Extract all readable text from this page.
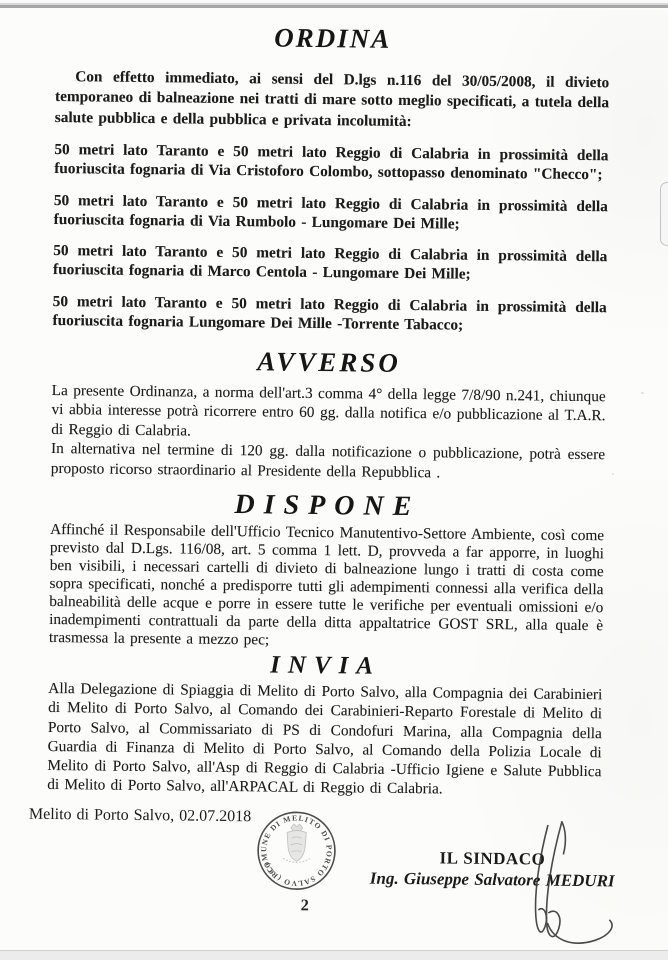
ORDINA

Con effetto immediato, ai sensi del D.lgs n.116 del 30/05/2008, il divieto temporaneo di balneazione nei tratti di mare sotto meglio specificati, a tutela della salute pubblica e della pubblica e privata incolumità:

50 metri lato Taranto e 50 metri lato Reggio di Calabria in prossimità della fuoriuscita fognaria di Via Cristoforo Colombo, sottopasso denominato "Checco";

50 metri lato Taranto e 50 metri lato Reggio di Calabria in prossimità della fuoriuscita fognaria di Via Rumbolo - Lungomare Dei Mille;

50 metri lato Taranto e 50 metri lato Reggio di Calabria in prossimità della fuoriuscita fognaria di Marco Centola - Lungomare Dei Mille;

50 metri lato Taranto e 50 metri lato Reggio di Calabria in prossimità della fuoriuscita fognaria Lungomare Dei Mille -Torrente Tabacco;

AVVERSO

La presente Ordinanza, a norma dell'art.3 comma 4° della legge 7/8/90 n.241, chiunque vi abbia interesse potrà ricorrere entro 60 gg. dalla notifica e/o pubblicazione al T.A.R. di Reggio di Calabria.

In alternativa nel termine di 120 gg. dalla notificazione o pubblicazione, potrà essere proposto ricorso straordinario al Presidente della Repubblica .

DISPONE

Affinché il Responsabile dell'Ufficio Tecnico Manutentivo-Settore Ambiente, così come previsto dal D.Lgs. 116/08, art. 5 comma 1 lett. D, provveda a far apporre, in luoghi ben visibili, i necessari cartelli di divieto di balneazione lungo i tratti di costa come sopra specificati, nonché a predisporre tutti gli adempimenti connessi alla verifica della balneabilità delle acque e porre in essere tutte le verifiche per eventuali omissioni e/o inadempimenti contrattuali da parte della ditta appaltatrice GOST SRL, alla quale è trasmessa la presente a mezzo pec;

INVIA

Alla Delegazione di Spiaggia di Melito di Porto Salvo, alla Compagnia dei Carabinieri di Melito di Porto Salvo, al Comando dei Carabinieri-Reparto Forestale di Melito di Porto Salvo, al Commissariato di PS di Condofuri Marina, alla Compagnia della Guardia di Finanza di Melito di Porto Salvo, al Comando della Polizia Locale di Melito di Porto Salvo, all'Asp di Reggio di Calabria -Ufficio Igiene e Salute Pubblica di Melito di Porto Salvo, all'ARPACAL di Reggio di Calabria.

Melito di Porto Salvo, 02.07.2018
COMUNE DI MELITO DI PORTO SALVO (RC)
2
IL SINDACO
Ing. Giuseppe Salvatore MEDURI
